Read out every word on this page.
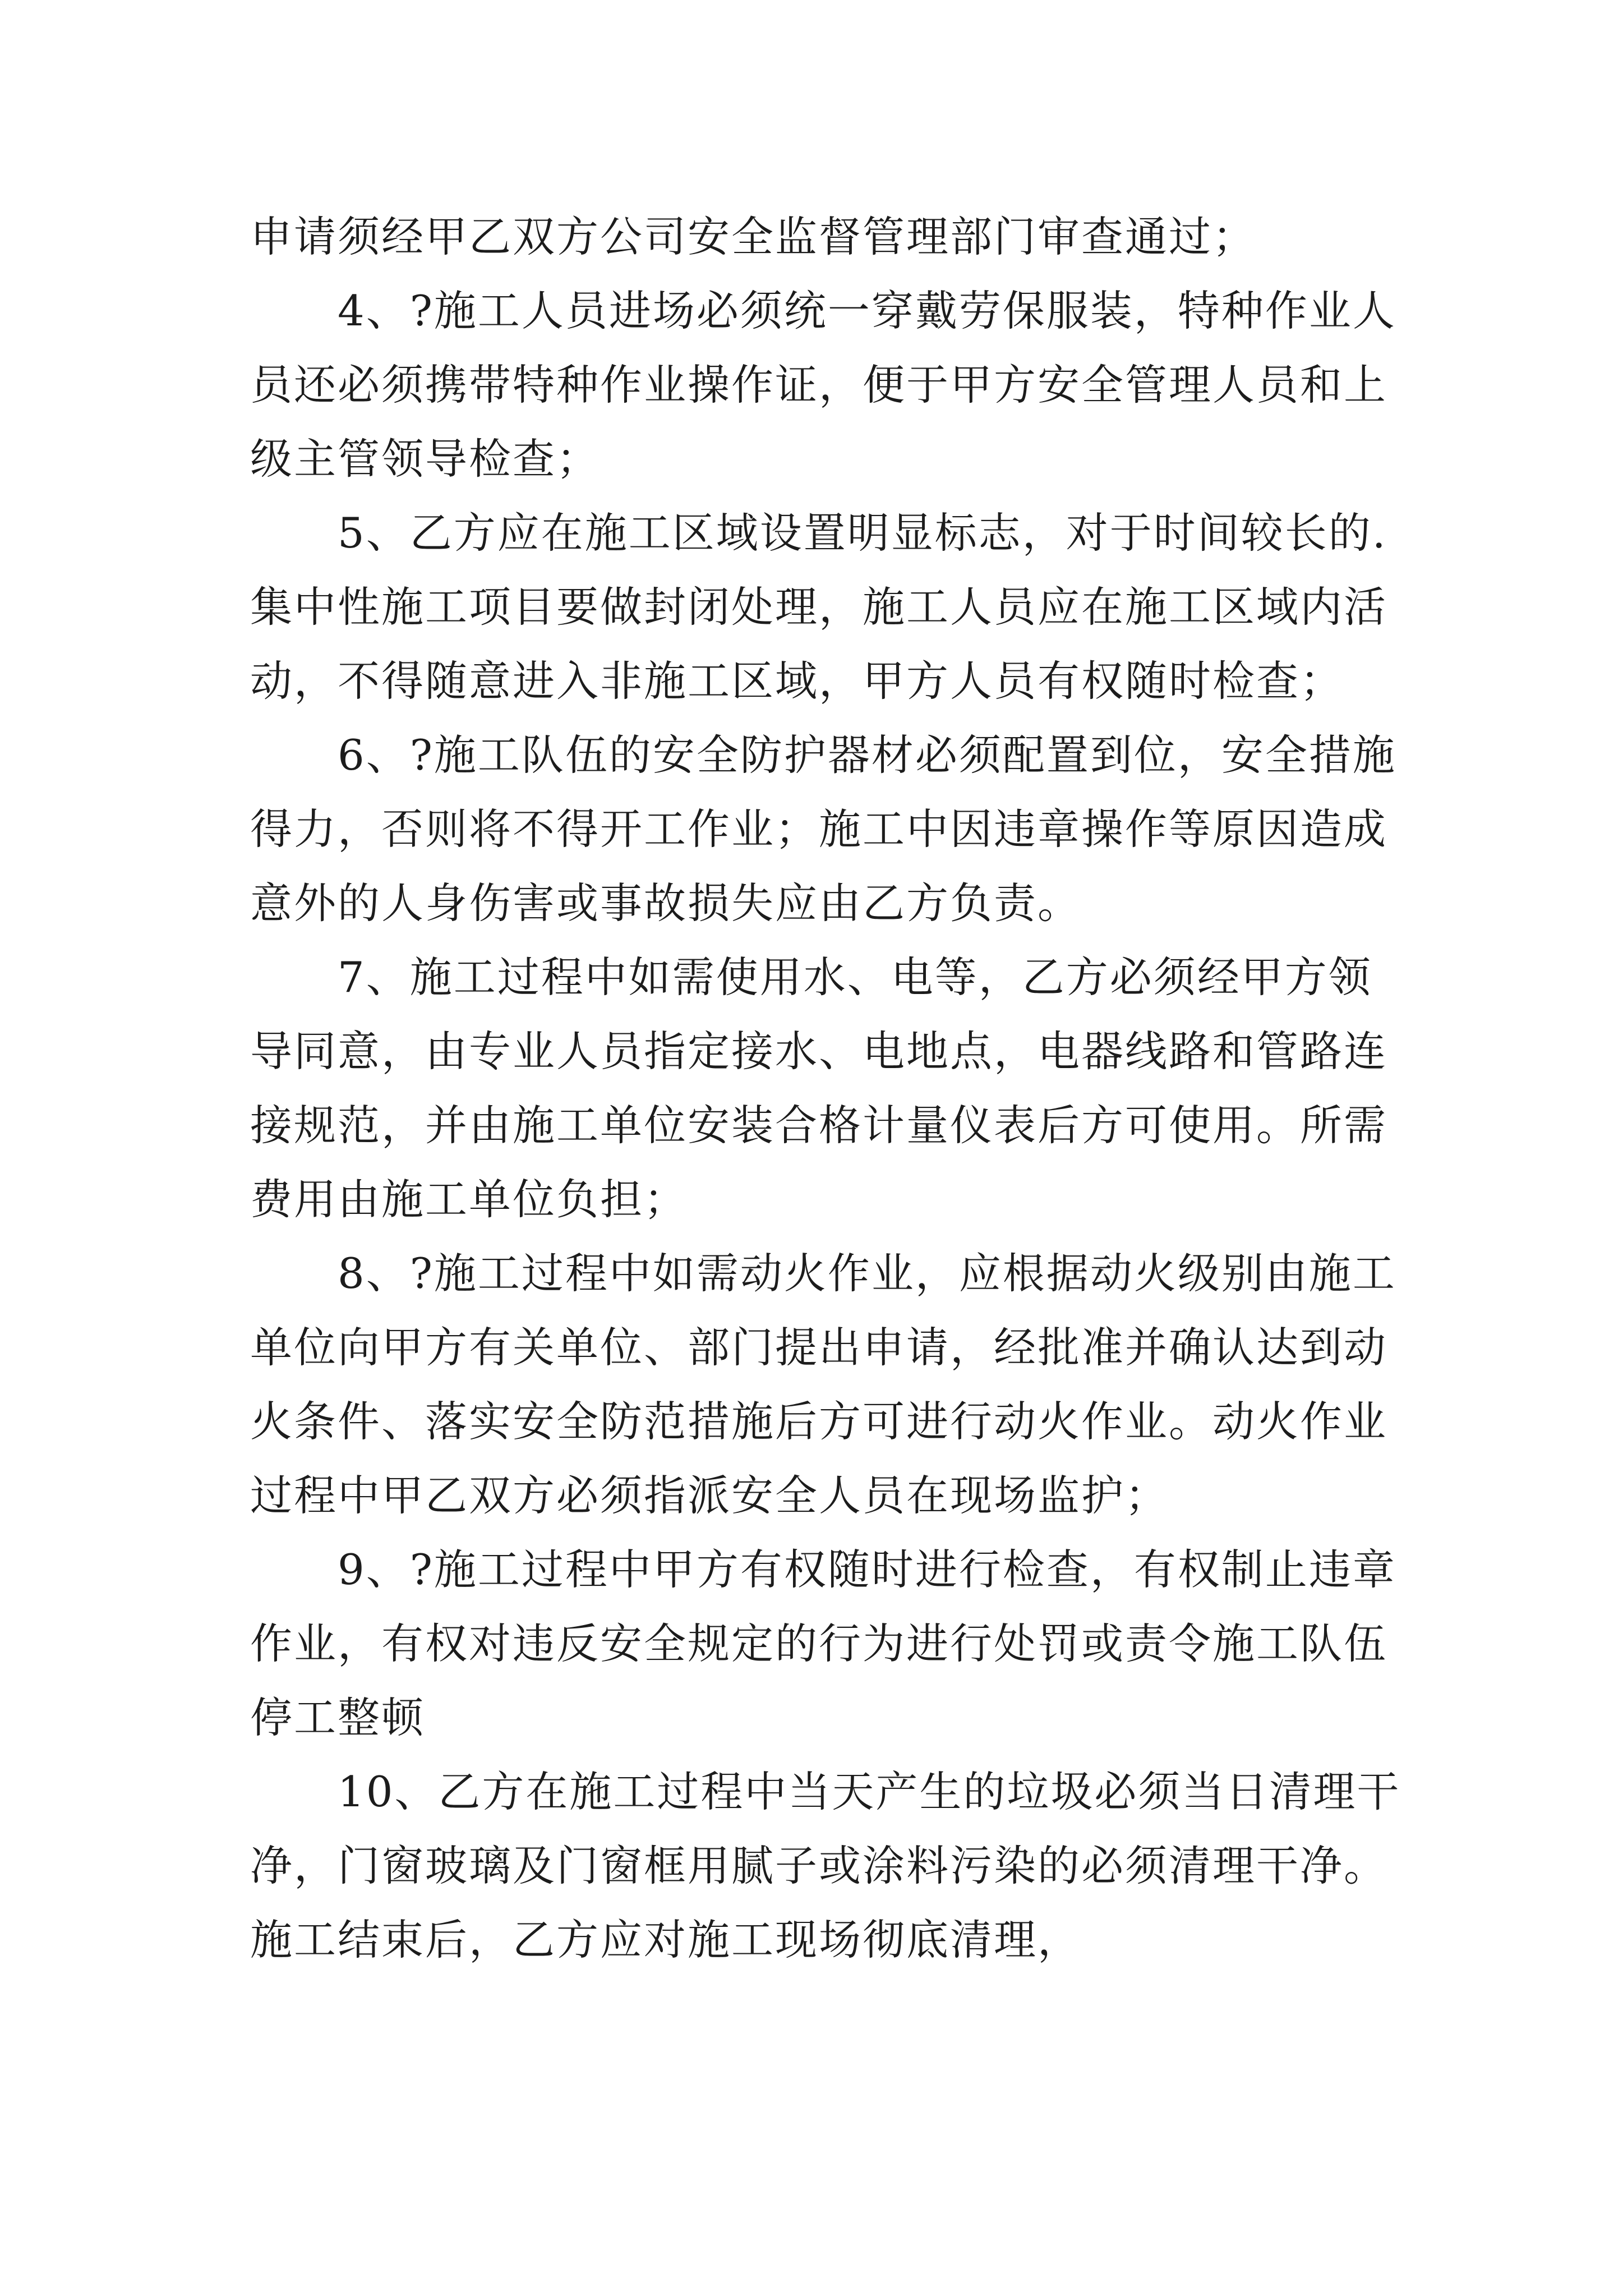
申请须经甲乙双方公司安全监督管理部门审查通过；
　　4、?施工人员进场必须统一穿戴劳保服装，特种作业人
员还必须携带特种作业操作证，便于甲方安全管理人员和上
级主管领导检查；
　　5、乙方应在施工区域设置明显标志，对于时间较长的.
集中性施工项目要做封闭处理，施工人员应在施工区域内活
动，不得随意进入非施工区域，甲方人员有权随时检查；
　　6、?施工队伍的安全防护器材必须配置到位，安全措施
得力，否则将不得开工作业；施工中因违章操作等原因造成
意外的人身伤害或事故损失应由乙方负责。
　　7、施工过程中如需使用水、电等，乙方必须经甲方领
导同意，由专业人员指定接水、电地点，电器线路和管路连
接规范，并由施工单位安装合格计量仪表后方可使用。所需
费用由施工单位负担；
　　8、?施工过程中如需动火作业，应根据动火级别由施工
单位向甲方有关单位、部门提出申请，经批准并确认达到动
火条件、落实安全防范措施后方可进行动火作业。动火作业
过程中甲乙双方必须指派安全人员在现场监护；
　　9、?施工过程中甲方有权随时进行检查，有权制止违章
作业，有权对违反安全规定的行为进行处罚或责令施工队伍
停工整顿
　　10、乙方在施工过程中当天产生的垃圾必须当日清理干
净，门窗玻璃及门窗框用腻子或涂料污染的必须清理干净。
施工结束后，乙方应对施工现场彻底清理，
